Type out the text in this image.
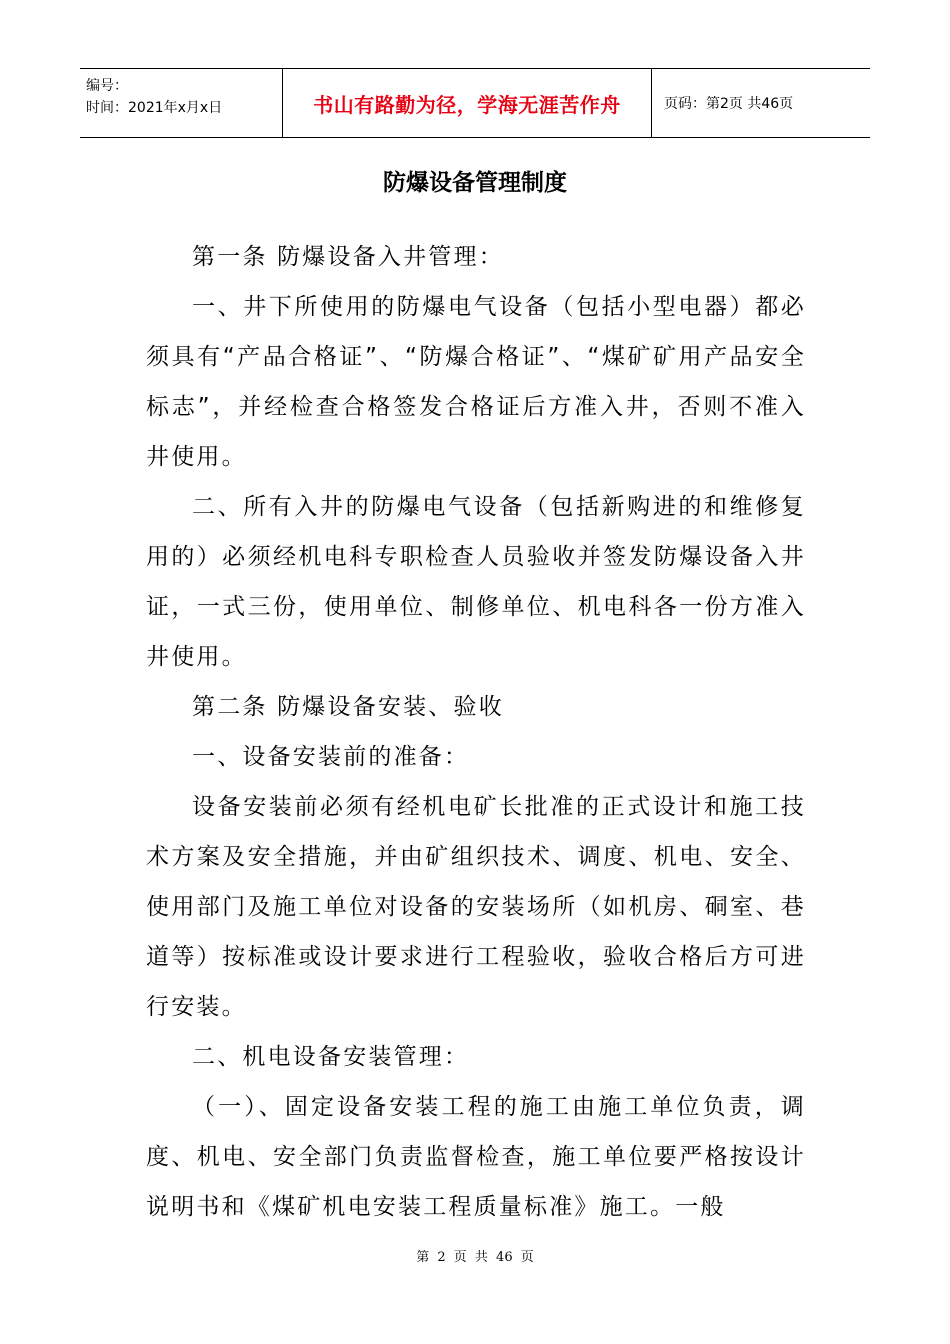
编号：
时间：2021年x月x日	书山有路勤为径，学海无涯苦作舟	页码：第2页 共46页
防爆设备管理制度

第一条 防爆设备入井管理：

一、井下所使用的防爆电气设备（包括小型电器）都必须具有“产品合格证”、“防爆合格证”、“煤矿矿用产品安全标志”，并经检查合格签发合格证后方准入井，否则不准入井使用。

二、所有入井的防爆电气设备（包括新购进的和维修复用的）必须经机电科专职检查人员验收并签发防爆设备入井证，一式三份，使用单位、制修单位、机电科各一份方准入井使用。

第二条 防爆设备安装、验收

一、设备安装前的准备：

设备安装前必须有经机电矿长批准的正式设计和施工技术方案及安全措施，并由矿组织技术、调度、机电、安全、使用部门及施工单位对设备的安装场所（如机房、硐室、巷道等）按标准或设计要求进行工程验收，验收合格后方可进行安装。

二、机电设备安装管理：

（一）、固定设备安装工程的施工由施工单位负责，调度、机电、安全部门负责监督检查，施工单位要严格按设计说明书和《煤矿机电安装工程质量标准》施工。一般

第 2 页 共 46 页
